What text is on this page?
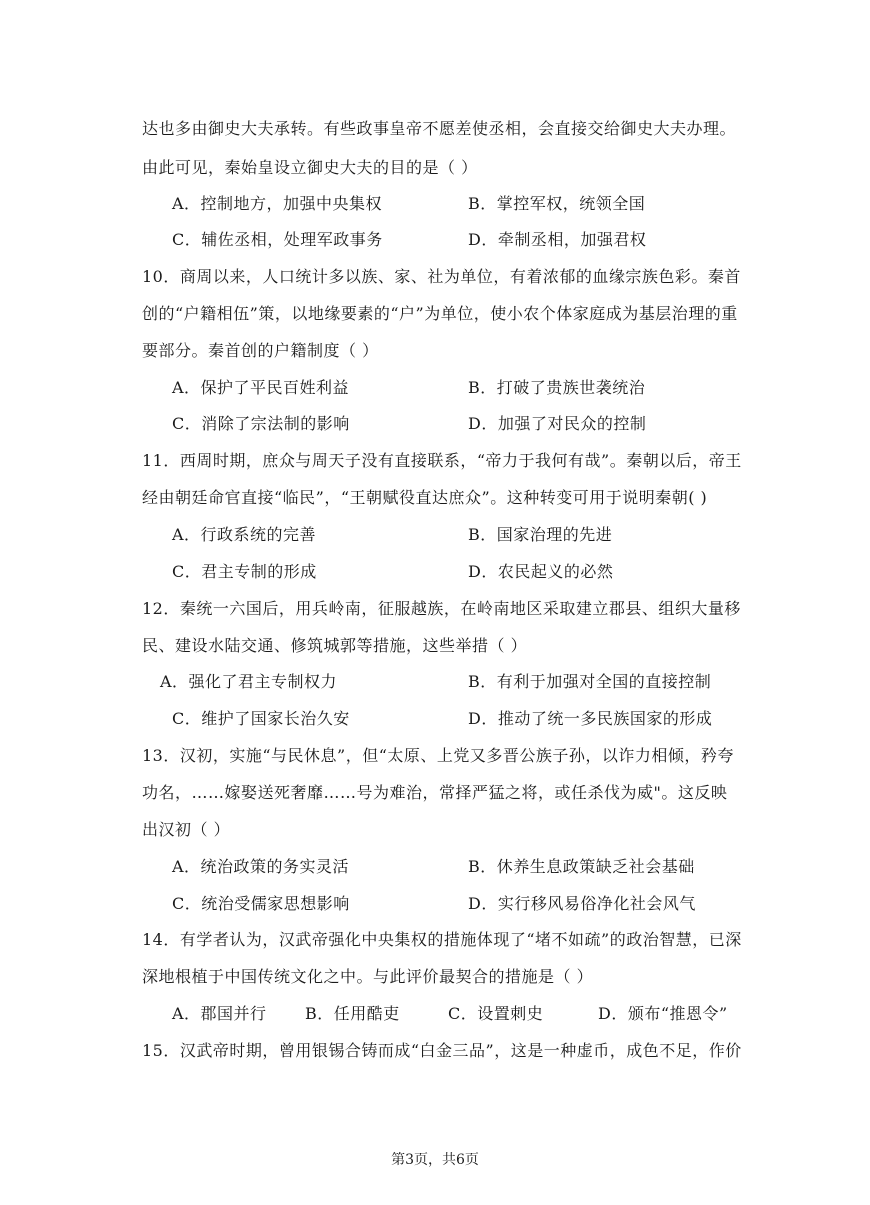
达也多由御史大夫承转。有些政事皇帝不愿差使丞相，会直接交给御史大夫办理。
由此可见，秦始皇设立御史大夫的目的是（ ）
A．控制地方，加强中央集权	B．掌控军权，统领全国
C．辅佐丞相，处理军政事务	D．牵制丞相，加强君权
10．商周以来，人口统计多以族、家、社为单位，有着浓郁的血缘宗族色彩。秦首
创的“户籍相伍”策，以地缘要素的“户”为单位，使小农个体家庭成为基层治理的重
要部分。秦首创的户籍制度（ ）
A．保护了平民百姓利益	B．打破了贵族世袭统治
C．消除了宗法制的影响	D．加强了对民众的控制
11．西周时期，庶众与周天子没有直接联系，“帝力于我何有哉”。秦朝以后，帝王
经由朝廷命官直接“临民”，“王朝赋役直达庶众”。这种转变可用于说明秦朝( )
A．行政系统的完善	B．国家治理的先进
C．君主专制的形成	D．农民起义的必然
12．秦统一六国后，用兵岭南，征服越族，在岭南地区采取建立郡县、组织大量移
民、建设水陆交通、修筑城郭等措施，这些举措（ ）
A．强化了君主专制权力	B．有利于加强对全国的直接控制
C．维护了国家长治久安	D．推动了统一多民族国家的形成
13．汉初，实施“与民休息”，但“太原、上党又多晋公族子孙，以诈力相倾，矜夸
功名，……嫁娶送死奢靡……号为难治，常择严猛之将，或任杀伐为威"。这反映
出汉初（ ）
A．统治政策的务实灵活	B．休养生息政策缺乏社会基础
C．统治受儒家思想影响	D．实行移风易俗净化社会风气
14．有学者认为，汉武帝强化中央集权的措施体现了“堵不如疏”的政治智慧，已深
深地根植于中国传统文化之中。与此评价最契合的措施是（ ）
A．郡国并行 B．任用酷吏	C．设置刺史	D．颁布“推恩令”
15．汉武帝时期，曾用银锡合铸而成“白金三品”，这是一种虚币，成色不足，作价
第3页，共6页
